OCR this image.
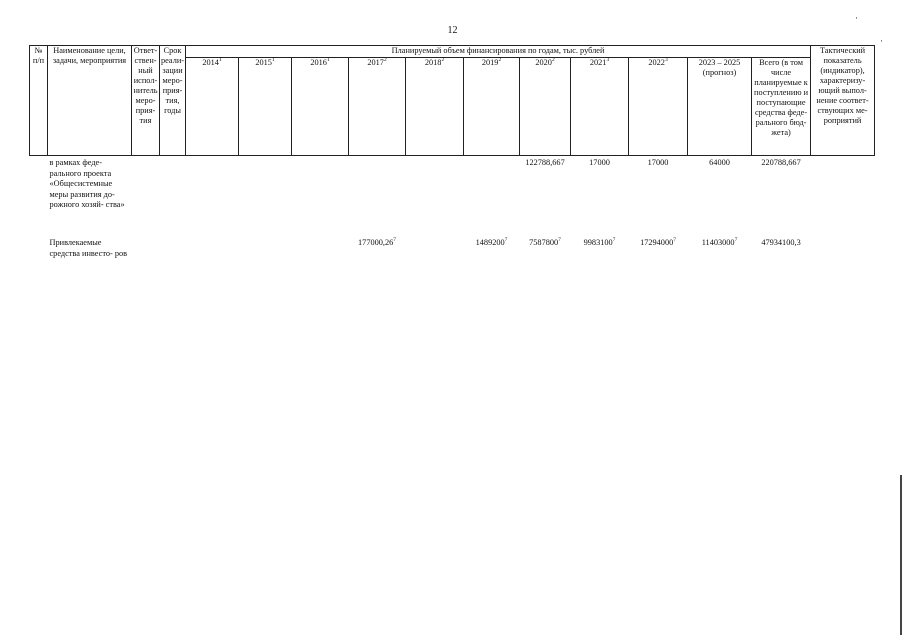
12
·
·
№ п/п	Наименование цели, задачи, мероприятия	Ответ- ствен- ный испол- нитель меро- прия- тия	Срок реали- зации меро- прия- тия, годы	Планируемый объем финансирования по годам, тыс. рублей											Тактический показатель (индикатор), характеризу- ющий выпол- нение соответ- ствующих ме- роприятий
				2014$^1$	2015$^1$	2016$^1$	2017$^2$	2018$^2$	2019$^2$	2020$^2$	2021$^3$	2022$^3$	2023 – 2025 (прогноз)	Всего (в том числе планируемые к поступлению и поступающие средства феде- рального бюд- жета)	
	в рамках феде- рального проекта «Общесистемные меры развития до- рожного хозяй- ства»									122788,667	17000	17000	64000	220788,667	
	Привлекаемые средства инвесто- ров						177000,26$^7$		1489200$^7$	7587800$^7$	9983100$^7$	17294000$^7$	11403000$^7$	47934100,3	
